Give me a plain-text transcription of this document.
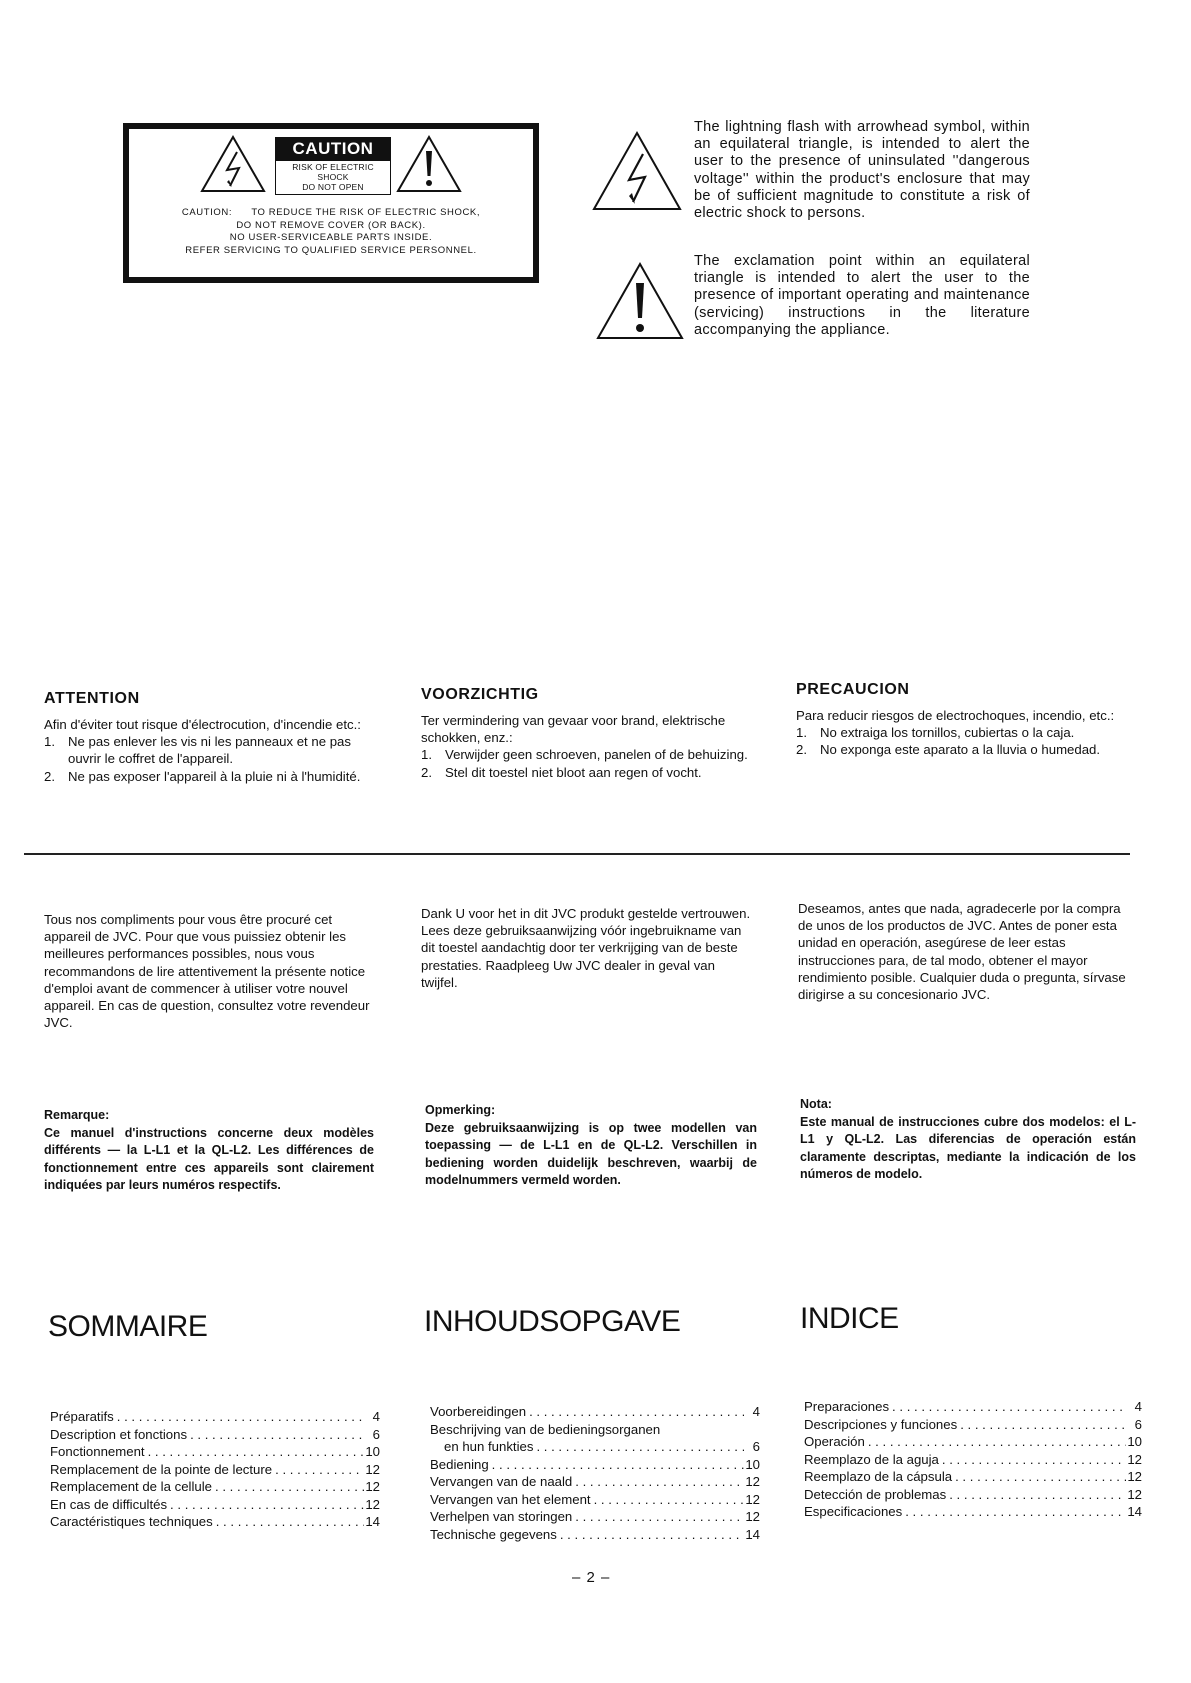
CAUTION
RISK OF ELECTRIC SHOCK
DO NOT OPEN
CAUTION:      TO REDUCE THE RISK OF ELECTRIC SHOCK,
DO NOT REMOVE COVER (OR BACK).
NO USER-SERVICEABLE PARTS INSIDE.
REFER SERVICING TO QUALIFIED SERVICE PERSONNEL.
The lightning flash with arrowhead symbol, within an equilateral triangle, is intended to alert the user to the presence of uninsulated ''dangerous voltage'' within the product's enclosure that may be of sufficient magnitude to constitute a risk of electric shock to persons.
The exclamation point within an equilateral triangle is intended to alert the user to the presence of important operating and maintenance (servicing) instructions in the literature accompanying the appliance.
ATTENTION

Afin d'éviter tout risque d'électrocution, d'incendie etc.:

1. Ne pas enlever les vis ni les panneaux et ne pas ouvrir le coffret de l'appareil.
2. Ne pas exposer l'appareil à la pluie ni à l'humidité.
VOORZICHTIG

Ter vermindering van gevaar voor brand, elektrische schokken, enz.:

1. Verwijder geen schroeven, panelen of de behuizing.
2. Stel dit toestel niet bloot aan regen of vocht.
PRECAUCION

Para reducir riesgos de electrochoques, incendio, etc.:

1. No extraiga los tornillos, cubiertas o la caja.
2. No exponga este aparato a la lluvia o humedad.

Tous nos compliments pour vous être procuré cet appareil de JVC. Pour que vous puissiez obtenir les meilleures performances possibles, nous vous recommandons de lire attentivement la présente notice d'emploi avant de commencer à utiliser votre nouvel appareil. En cas de question, consultez votre revendeur JVC.

Remarque:
Ce manuel d'instructions concerne deux modèles différents — la L-L1 et la QL-L2. Les différences de fonctionnement entre ces appareils sont clairement indiquées par leurs numéros respectifs.

Dank U voor het in dit JVC produkt gestelde vertrouwen. Lees deze gebruiksaanwijzing vóór ingebruikname van dit toestel aandachtig door ter verkrijging van de beste prestaties. Raadpleeg Uw JVC dealer in geval van twijfel.

Opmerking:
Deze gebruiksaanwijzing is op twee modellen van toepassing — de L-L1 en de QL-L2. Verschillen in bediening worden duidelijk beschreven, waarbij de modelnummers vermeld worden.

Deseamos, antes que nada, agradecerle por la compra de unos de los productos de JVC. Antes de poner esta unidad en operación, asegúrese de leer estas instrucciones para, de tal modo, obtener el mayor rendimiento posible. Cualquier duda o pregunta, sírvase dirigirse a su concesionario JVC.

Nota:
Este manual de instrucciones cubre dos modelos: el L-L1 y QL-L2. Las diferencias de operación están claramente descriptas, mediante la indicación de los números de modelo.
SOMMAIRE	INHOUDSOPGAVE	INDICE
Préparatifs . . .	4
Description et fonctions . . .	6
Fonctionnement . . .	10
Remplacement de la pointe de lecture . . .	12
Remplacement de la cellule . . .	12
En cas de difficultés . . .	12
Caractéristiques techniques . . .	14
Voorbereidingen . . .	4
Beschrijving van de bedieningsorganen
en hun funkties . . .	6
Bediening . . .	10
Vervangen van de naald . . .	12
Vervangen van het element . . .	12
Verhelpen van storingen . . .	12
Technische gegevens . . .	14
Preparaciones . . .	4
Descripciones y funciones . . .	6
Operación . . .	10
Reemplazo de la aguja . . .	12
Reemplazo de la cápsula . . .	12
Detección de problemas . . .	12
Especificaciones . . .	14
– 2 –
